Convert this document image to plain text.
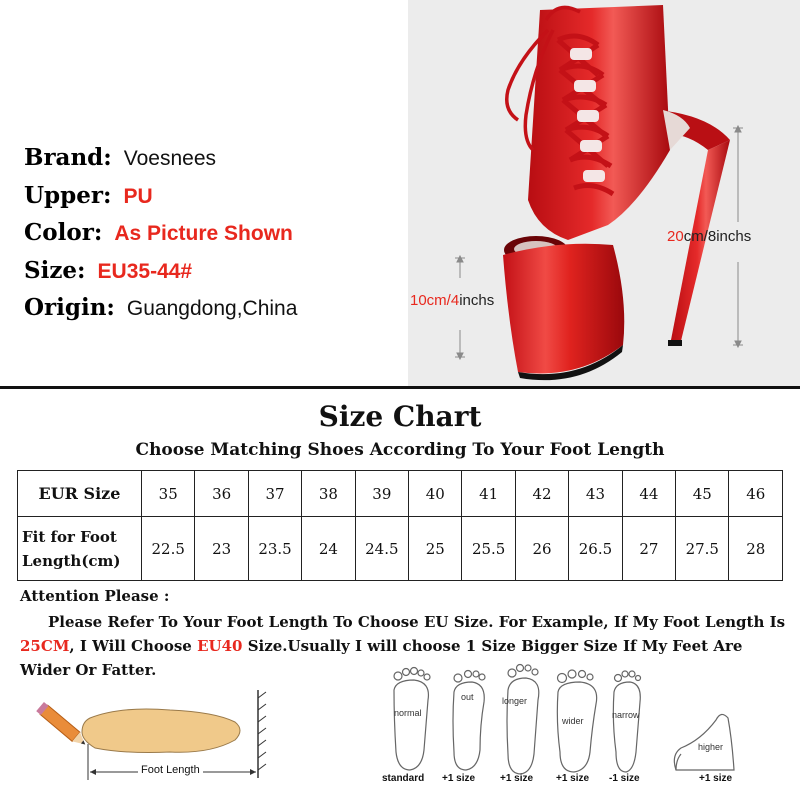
Brand: Voesnees
Upper: PU
Color: As Picture Shown
Size: EU35-44#
Origin: Guangdong,China
20cm/8inchs
10cm/4inchs
Size Chart
Choose Matching Shoes According To Your Foot Length
EUR Size	35	36	37	38	39	40	41	42	43	44	45	46
Fit for Foot
Length(cm)	22.5	23	23.5	24	24.5	25	25.5	26	26.5	27	27.5	28
Attention Please :
Please Refer To Your Foot Length To Choose EU Size. For Example, If My Foot Length Is 25CM, I Will Choose EU40 Size.Usually I will choose 1 Size Bigger Size If My Feet Are Wider Or Fatter.
Foot Length
normal
out	longer
wider
narrow
higher
standard +1 size +1 size +1 size -1 size	+1 size
